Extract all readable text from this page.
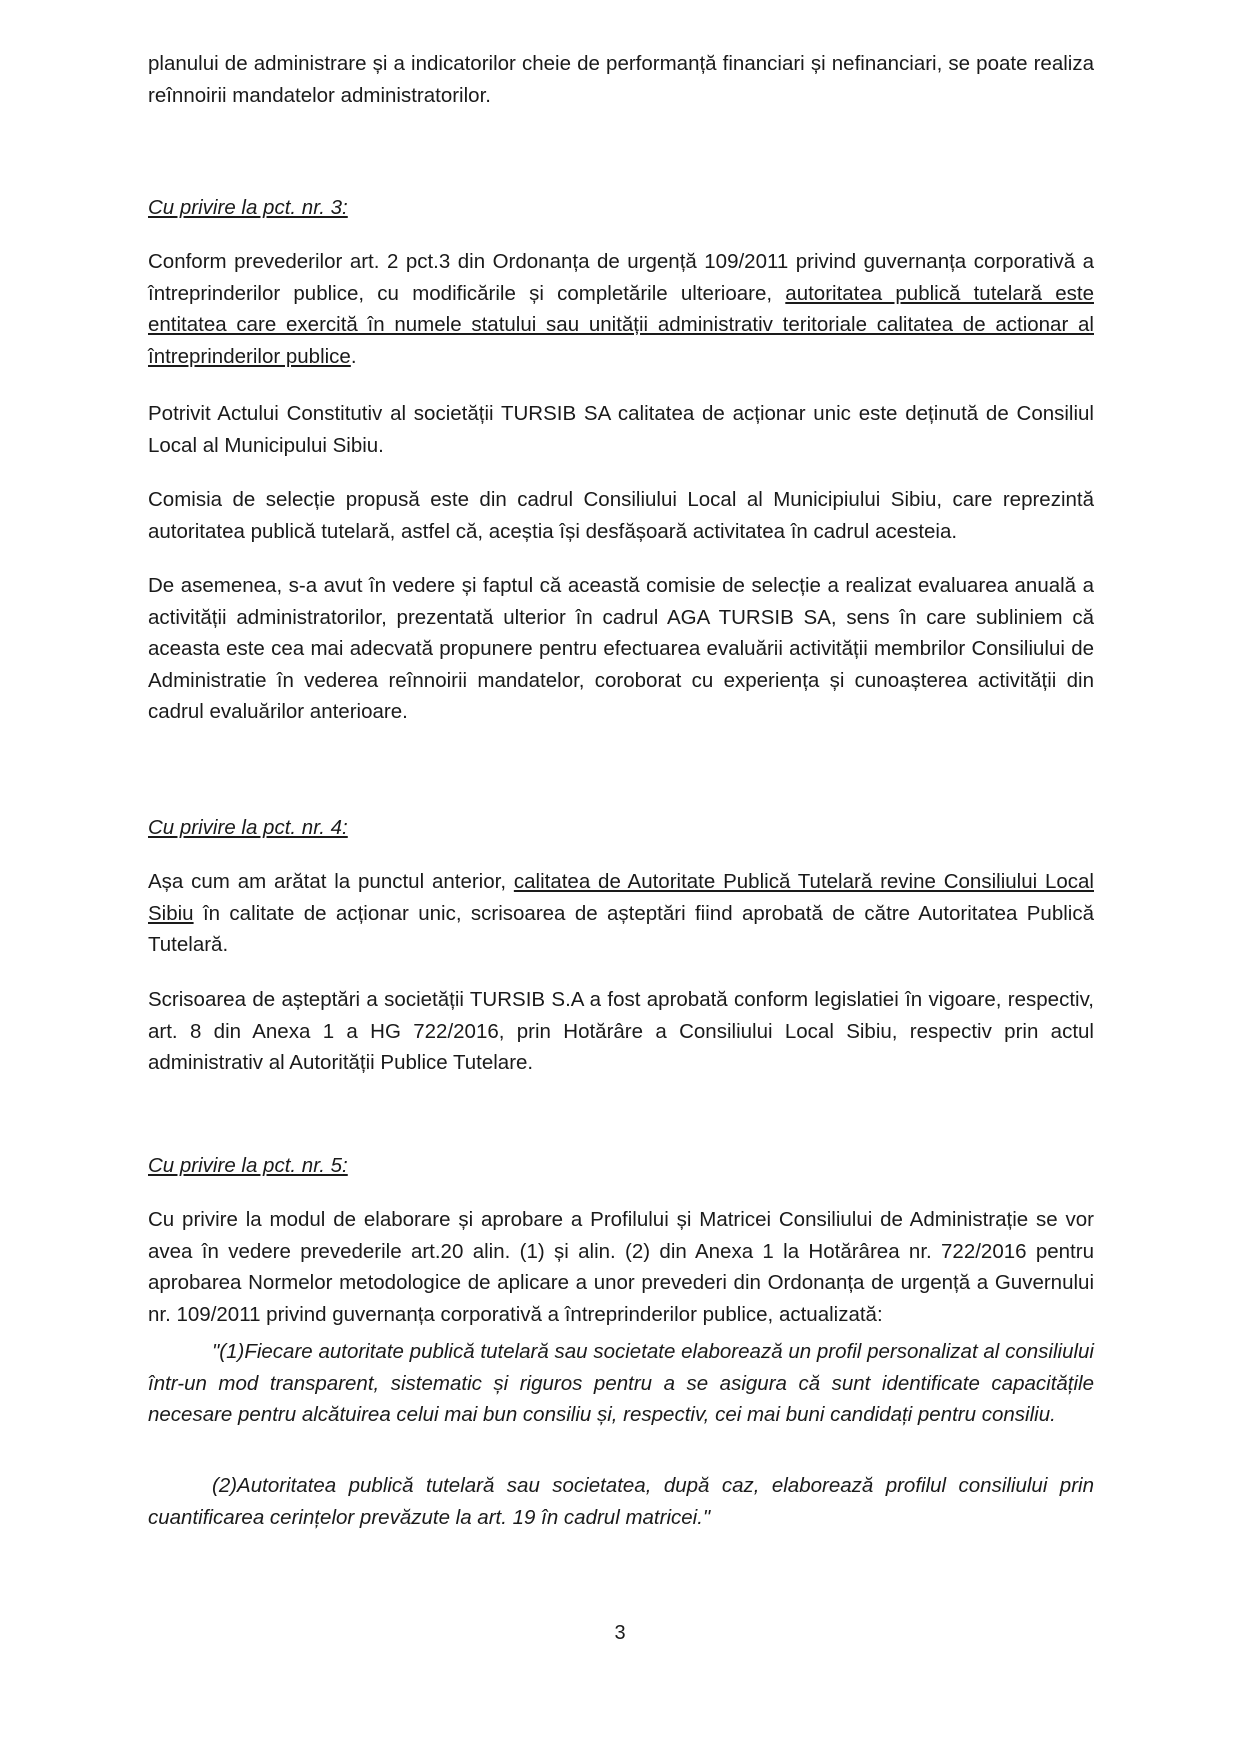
planului de administrare și a indicatorilor cheie de performanță financiari și nefinanciari, se poate realiza reînnoirii mandatelor administratorilor.

Cu privire la pct. nr. 3:

Conform prevederilor art. 2 pct.3 din Ordonanța de urgență 109/2011 privind guvernanța corporativă a întreprinderilor publice, cu modificările și completările ulterioare, autoritatea publică tutelară este entitatea care exercită în numele statului sau unității administrativ teritoriale calitatea de actionar al întreprinderilor publice.

Potrivit Actului Constitutiv al societății TURSIB SA calitatea de acționar unic este deținută de Consiliul Local al Municipului Sibiu.

Comisia de selecție propusă este din cadrul Consiliului Local al Municipiului Sibiu, care reprezintă autoritatea publică tutelară, astfel că, aceștia își desfășoară activitatea în cadrul acesteia.

De asemenea, s-a avut în vedere și faptul că această comisie de selecție a realizat evaluarea anuală a activității administratorilor, prezentată ulterior în cadrul AGA TURSIB SA, sens în care subliniem că aceasta este cea mai adecvată propunere pentru efectuarea evaluării activității membrilor Consiliului de Administratie în vederea reînnoirii mandatelor, coroborat cu experiența și cunoașterea activității din cadrul evaluărilor anterioare.

Cu privire la pct. nr. 4:

Așa cum am arătat la punctul anterior, calitatea de Autoritate Publică Tutelară revine Consiliului Local Sibiu în calitate de acționar unic, scrisoarea de așteptări fiind aprobată de către Autoritatea Publică Tutelară.

Scrisoarea de așteptări a societății TURSIB S.A a fost aprobată conform legislatiei în vigoare, respectiv, art. 8 din Anexa 1 a HG 722/2016, prin Hotărâre a Consiliului Local Sibiu, respectiv prin actul administrativ al Autorității Publice Tutelare.

Cu privire la pct. nr. 5:

Cu privire la modul de elaborare și aprobare a Profilului și Matricei Consiliului de Administrație se vor avea în vedere prevederile art.20 alin. (1) și alin. (2) din Anexa 1 la Hotărârea nr. 722/2016 pentru aprobarea Normelor metodologice de aplicare a unor prevederi din Ordonanța de urgență a Guvernului nr. 109/2011 privind guvernanța corporativă a întreprinderilor publice, actualizată:

"(1)Fiecare autoritate publică tutelară sau societate elaborează un profil personalizat al consiliului într-un mod transparent, sistematic și riguros pentru a se asigura că sunt identificate capacitățile necesare pentru alcătuirea celui mai bun consiliu și, respectiv, cei mai buni candidați pentru consiliu.

(2)Autoritatea publică tutelară sau societatea, după caz, elaborează profilul consiliului prin cuantificarea cerințelor prevăzute la art. 19 în cadrul matricei."

3
